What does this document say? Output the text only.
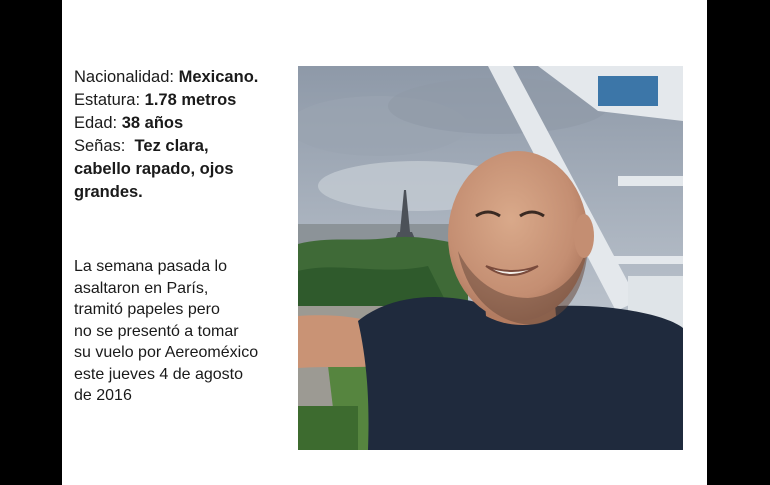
Nacionalidad: Mexicano.
Estatura: 1.78 metros
Edad: 38 años
Señas: Tez clara,
cabello rapado, ojos
grandes.
La semana pasada lo
asaltaron en París,
tramitó papeles pero
no se presentó a tomar
su vuelo por Aereoméxico
este jueves 4 de agosto
de 2016
